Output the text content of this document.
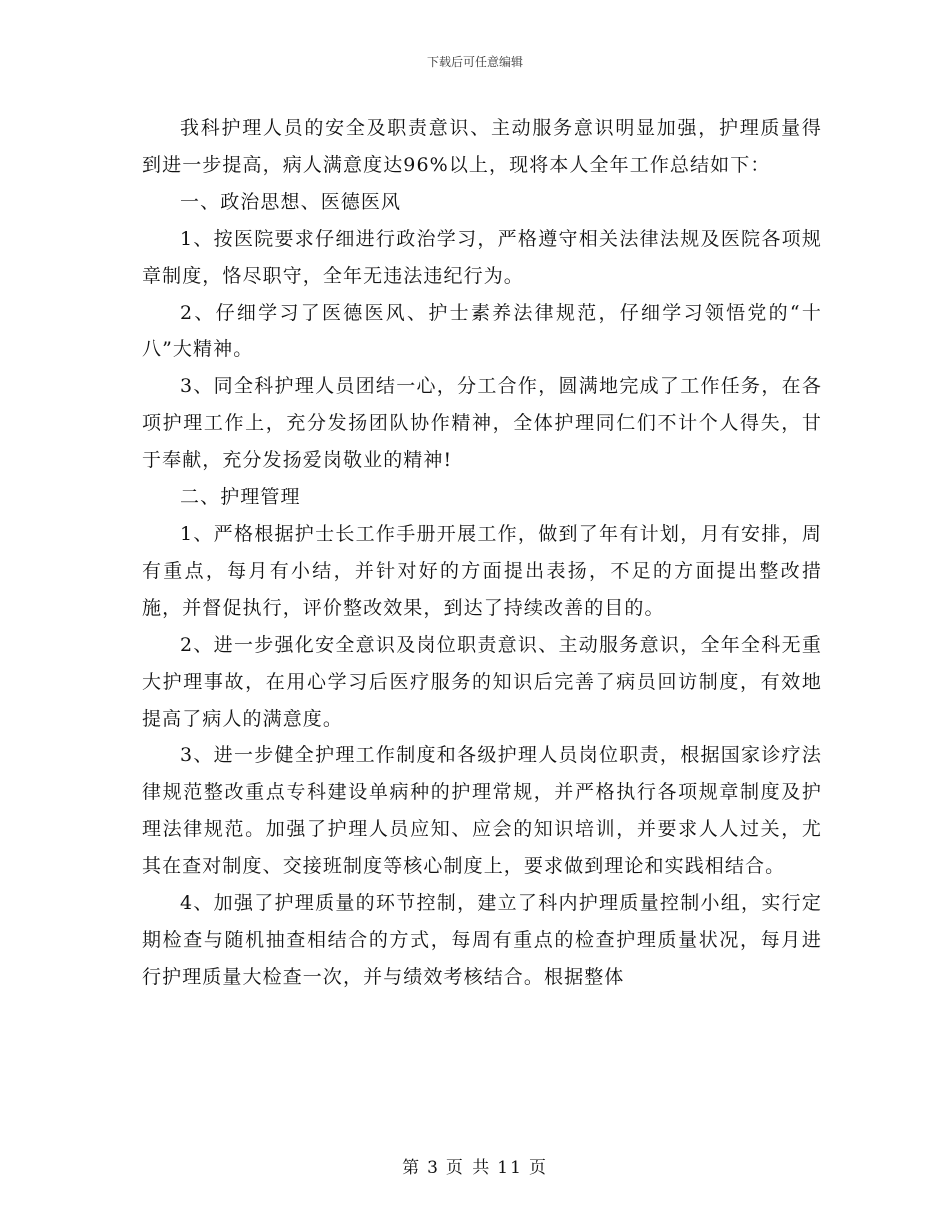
下载后可任意编辑

我科护理人员的安全及职责意识、主动服务意识明显加强，护理质量得到进一步提高，病人满意度达96%以上，现将本人全年工作总结如下：

一、政治思想、医德医风

1、按医院要求仔细进行政治学习，严格遵守相关法律法规及医院各项规章制度，恪尽职守，全年无违法违纪行为。

2、仔细学习了医德医风、护士素养法律规范，仔细学习领悟党的“十八”大精神。

3、同全科护理人员团结一心，分工合作，圆满地完成了工作任务，在各项护理工作上，充分发扬团队协作精神，全体护理同仁们不计个人得失，甘于奉献，充分发扬爱岗敬业的精神!

二、护理管理

1、严格根据护士长工作手册开展工作，做到了年有计划，月有安排，周有重点，每月有小结，并针对好的方面提出表扬，不足的方面提出整改措施，并督促执行，评价整改效果，到达了持续改善的目的。

2、进一步强化安全意识及岗位职责意识、主动服务意识，全年全科无重大护理事故，在用心学习后医疗服务的知识后完善了病员回访制度，有效地提高了病人的满意度。

3、进一步健全护理工作制度和各级护理人员岗位职责，根据国家诊疗法律规范整改重点专科建设单病种的护理常规，并严格执行各项规章制度及护理法律规范。加强了护理人员应知、应会的知识培训，并要求人人过关，尤其在查对制度、交接班制度等核心制度上，要求做到理论和实践相结合。

4、加强了护理质量的环节控制，建立了科内护理质量控制小组，实行定期检查与随机抽查相结合的方式，每周有重点的检查护理质量状况，每月进行护理质量大检查一次，并与绩效考核结合。根据整体

第 3 页 共 11 页
